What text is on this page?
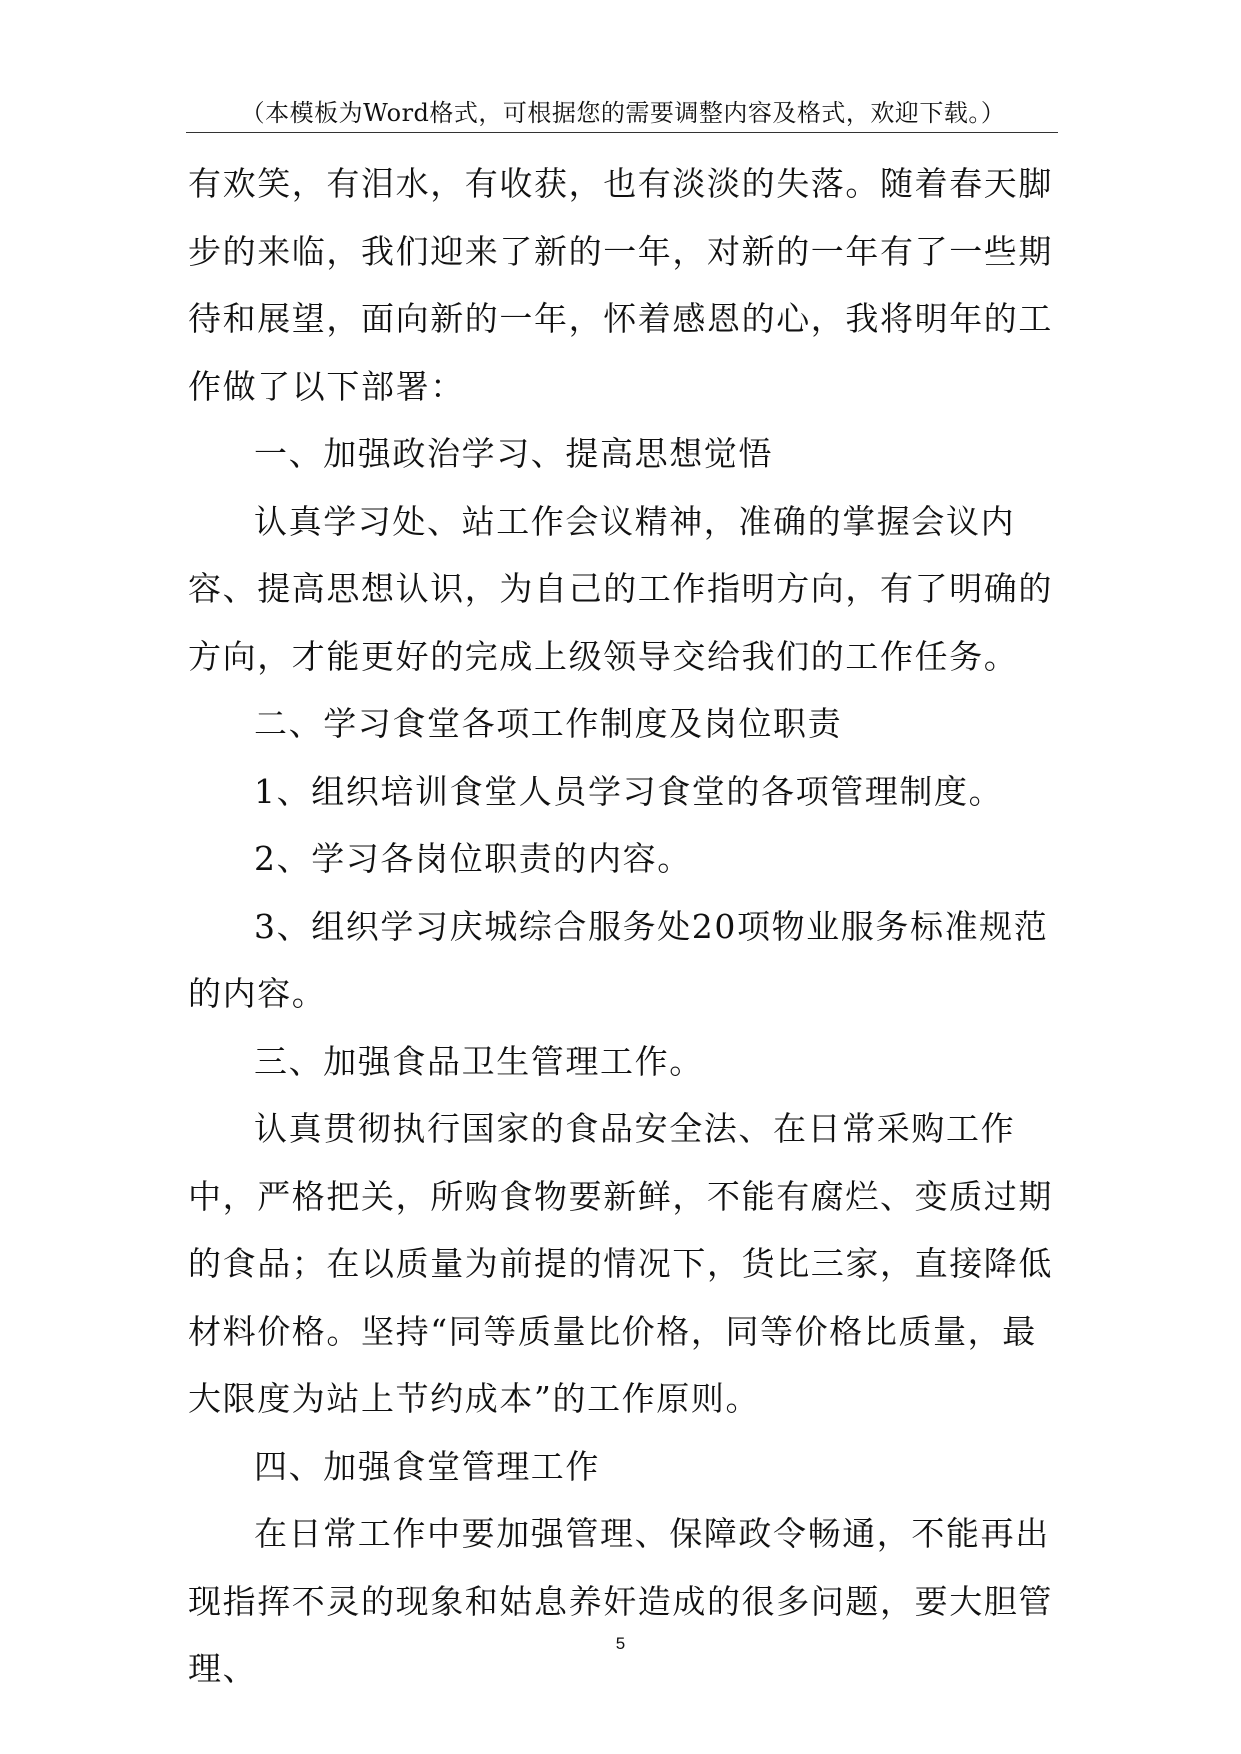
（本模板为Word格式，可根据您的需要调整内容及格式，欢迎下载。）

有欢笑，有泪水，有收获，也有淡淡的失落。随着春天脚步的来临，我们迎来了新的一年，对新的一年有了一些期待和展望，面向新的一年，怀着感恩的心，我将明年的工作做了以下部署：

一、加强政治学习、提高思想觉悟

认真学习处、站工作会议精神，准确的掌握会议内容、提高思想认识，为自己的工作指明方向，有了明确的方向，才能更好的完成上级领导交给我们的工作任务。

二、学习食堂各项工作制度及岗位职责

1、组织培训食堂人员学习食堂的各项管理制度。

2、学习各岗位职责的内容。

3、组织学习庆城综合服务处20项物业服务标准规范的内容。

三、加强食品卫生管理工作。

认真贯彻执行国家的食品安全法、在日常采购工作中，严格把关，所购食物要新鲜，不能有腐烂、变质过期的食品；在以质量为前提的情况下，货比三家，直接降低材料价格。坚持“同等质量比价格，同等价格比质量，最大限度为站上节约成本”的工作原则。

四、加强食堂管理工作

在日常工作中要加强管理、保障政令畅通，不能再出现指挥不灵的现象和姑息养奸造成的很多问题，要大胆管理、

5
